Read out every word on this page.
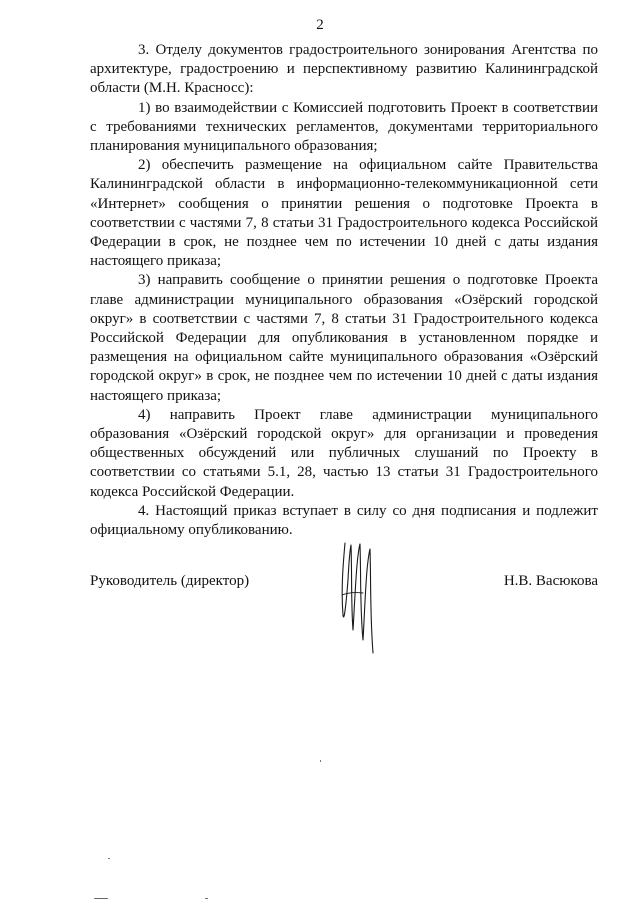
2

3. Отделу документов градостроительного зонирования Агентства по архитектуре, градостроению и перспективному развитию Калининградской области (М.Н. Красносс):

1) во взаимодействии с Комиссией подготовить Проект в соответствии с требованиями технических регламентов, документами территориального планирования муниципального образования;

2) обеспечить размещение на официальном сайте Правительства Калининградской области в информационно-телекоммуникационной сети «Интернет» сообщения о принятии решения о подготовке Проекта в соответствии с частями 7, 8 статьи 31 Градостроительного кодекса Российской Федерации в срок, не позднее чем по истечении 10 дней с даты издания настоящего приказа;

3) направить сообщение о принятии решения о подготовке Проекта главе администрации муниципального образования «Озёрский городской округ» в соответствии с частями 7, 8 статьи 31 Градостроительного кодекса Российской Федерации для опубликования в установленном порядке и размещения на официальном сайте муниципального образования «Озёрский городской округ» в срок, не позднее чем по истечении 10 дней с даты издания настоящего приказа;

4) направить Проект главе администрации муниципального образования «Озёрский городской округ» для организации и проведения общественных обсуждений или публичных слушаний по Проекту в соответствии со статьями 5.1, 28, частью 13 статьи 31 Градостроительного кодекса Российской Федерации.

4. Настоящий приказ вступает в силу со дня подписания и подлежит официальному опубликованию.

Руководитель (директор)	Н.В. Васюкова
